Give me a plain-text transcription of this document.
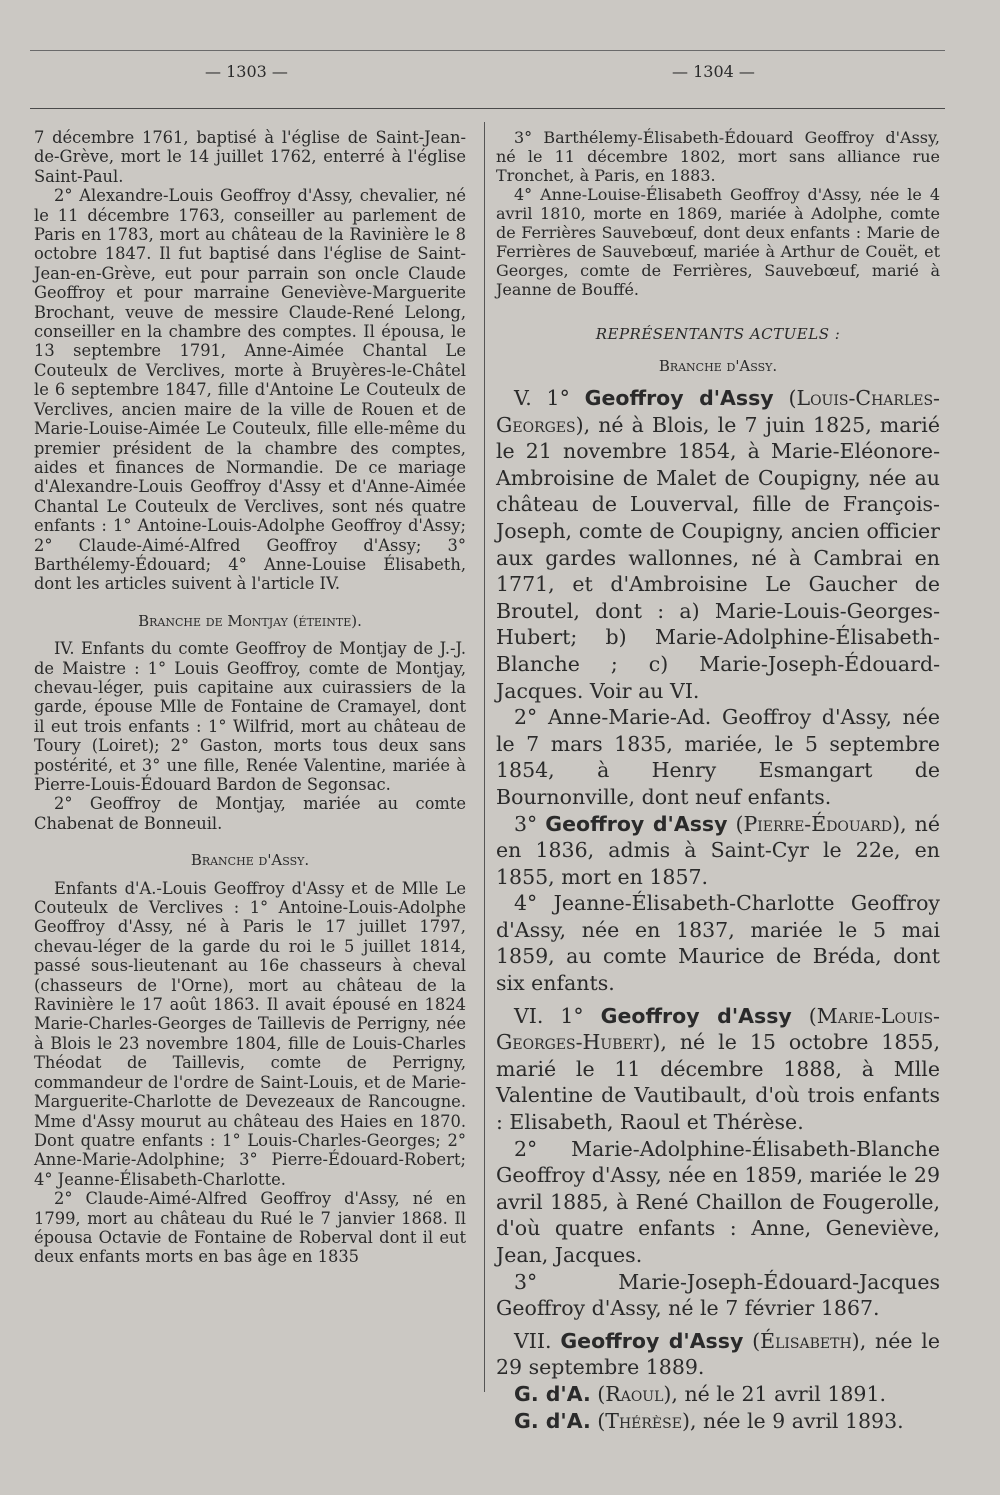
— 1303 —	— 1304 —

7 décembre 1761, baptisé à l'église de Saint-Jean-de-Grève, mort le 14 juillet 1762, enterré à l'église Saint-Paul.

2° Alexandre-Louis Geoffroy d'Assy, chevalier, né le 11 décembre 1763, conseiller au parlement de Paris en 1783, mort au château de la Ravinière le 8 octobre 1847. Il fut baptisé dans l'église de Saint-Jean-en-Grève, eut pour parrain son oncle Claude Geoffroy et pour marraine Geneviève-Marguerite Brochant, veuve de messire Claude-René Lelong, conseiller en la chambre des comptes. Il épousa, le 13 septembre 1791, Anne-Aimée Chantal Le Couteulx de Verclives, morte à Bruyères-le-Châtel le 6 septembre 1847, fille d'Antoine Le Couteulx de Verclives, ancien maire de la ville de Rouen et de Marie-Louise-Aimée Le Couteulx, fille elle-même du premier président de la chambre des comptes, aides et finances de Normandie. De ce mariage d'Alexandre-Louis Geoffroy d'Assy et d'Anne-Aimée Chantal Le Couteulx de Verclives, sont nés quatre enfants : 1° Antoine-Louis-Adolphe Geoffroy d'Assy; 2° Claude-Aimé-Alfred Geoffroy d'Assy; 3° Barthélemy-Édouard; 4° Anne-Louise Élisabeth, dont les articles suivent à l'article IV.

Branche de Montjay (éteinte).

IV. Enfants du comte Geoffroy de Montjay de J.-J. de Maistre : 1° Louis Geoffroy, comte de Montjay, chevau-léger, puis capitaine aux cuirassiers de la garde, épouse Mlle de Fontaine de Cramayel, dont il eut trois enfants : 1° Wilfrid, mort au château de Toury (Loiret); 2° Gaston, morts tous deux sans postérité, et 3° une fille, Renée Valentine, mariée à Pierre-Louis-Édouard Bardon de Segonsac.

2° Geoffroy de Montjay, mariée au comte Chabenat de Bonneuil.

Branche d'Assy.

Enfants d'A.-Louis Geoffroy d'Assy et de Mlle Le Couteulx de Verclives : 1° Antoine-Louis-Adolphe Geoffroy d'Assy, né à Paris le 17 juillet 1797, chevau-léger de la garde du roi le 5 juillet 1814, passé sous-lieutenant au 16e chasseurs à cheval (chasseurs de l'Orne), mort au château de la Ravinière le 17 août 1863. Il avait épousé en 1824 Marie-Charles-Georges de Taillevis de Perrigny, née à Blois le 23 novembre 1804, fille de Louis-Charles Théodat de Taillevis, comte de Perrigny, commandeur de l'ordre de Saint-Louis, et de Marie-Marguerite-Charlotte de Devezeaux de Rancougne. Mme d'Assy mourut au château des Haies en 1870. Dont quatre enfants : 1° Louis-Charles-Georges; 2° Anne-Marie-Adolphine; 3° Pierre-Édouard-Robert; 4° Jeanne-Élisabeth-Charlotte.

2° Claude-Aimé-Alfred Geoffroy d'Assy, né en 1799, mort au château du Rué le 7 janvier 1868. Il épousa Octavie de Fontaine de Roberval dont il eut deux enfants morts en bas âge en 1835

3° Barthélemy-Élisabeth-Édouard Geoffroy d'Assy, né le 11 décembre 1802, mort sans alliance rue Tronchet, à Paris, en 1883.

4° Anne-Louise-Élisabeth Geoffroy d'Assy, née le 4 avril 1810, morte en 1869, mariée à Adolphe, comte de Ferrières Sauvebœuf, dont deux enfants : Marie de Ferrières de Sauvebœuf, mariée à Arthur de Couët, et Georges, comte de Ferrières, Sauvebœuf, marié à Jeanne de Bouffé.

REPRÉSENTANTS ACTUELS :

Branche d'Assy.

V. 1° Geoffroy d'Assy (Louis-Charles-Georges), né à Blois, le 7 juin 1825, marié le 21 novembre 1854, à Marie-Eléonore-Ambroisine de Malet de Coupigny, née au château de Louverval, fille de François-Joseph, comte de Coupigny, ancien officier aux gardes wallonnes, né à Cambrai en 1771, et d'Ambroisine Le Gaucher de Broutel, dont : a) Marie-Louis-Georges-Hubert; b) Marie-Adolphine-Élisabeth-Blanche ; c) Marie-Joseph-Édouard-Jacques. Voir au VI.

2° Anne-Marie-Ad. Geoffroy d'Assy, née le 7 mars 1835, mariée, le 5 septembre 1854, à Henry Esmangart de Bournonville, dont neuf enfants.

3° Geoffroy d'Assy (Pierre-Édouard), né en 1836, admis à Saint-Cyr le 22e, en 1855, mort en 1857.

4° Jeanne-Élisabeth-Charlotte Geoffroy d'Assy, née en 1837, mariée le 5 mai 1859, au comte Maurice de Bréda, dont six enfants.

VI. 1° Geoffroy d'Assy (Marie-Louis-Georges-Hubert), né le 15 octobre 1855, marié le 11 décembre 1888, à Mlle Valentine de Vautibault, d'où trois enfants : Elisabeth, Raoul et Thérèse.

2° Marie-Adolphine-Élisabeth-Blanche Geoffroy d'Assy, née en 1859, mariée le 29 avril 1885, à René Chaillon de Fougerolle, d'où quatre enfants : Anne, Geneviève, Jean, Jacques.

3° Marie-Joseph-Édouard-Jacques Geoffroy d'Assy, né le 7 février 1867.

VII. Geoffroy d'Assy (Élisabeth), née le 29 septembre 1889.

G. d'A. (Raoul), né le 21 avril 1891.

G. d'A. (Thérèse), née le 9 avril 1893.
